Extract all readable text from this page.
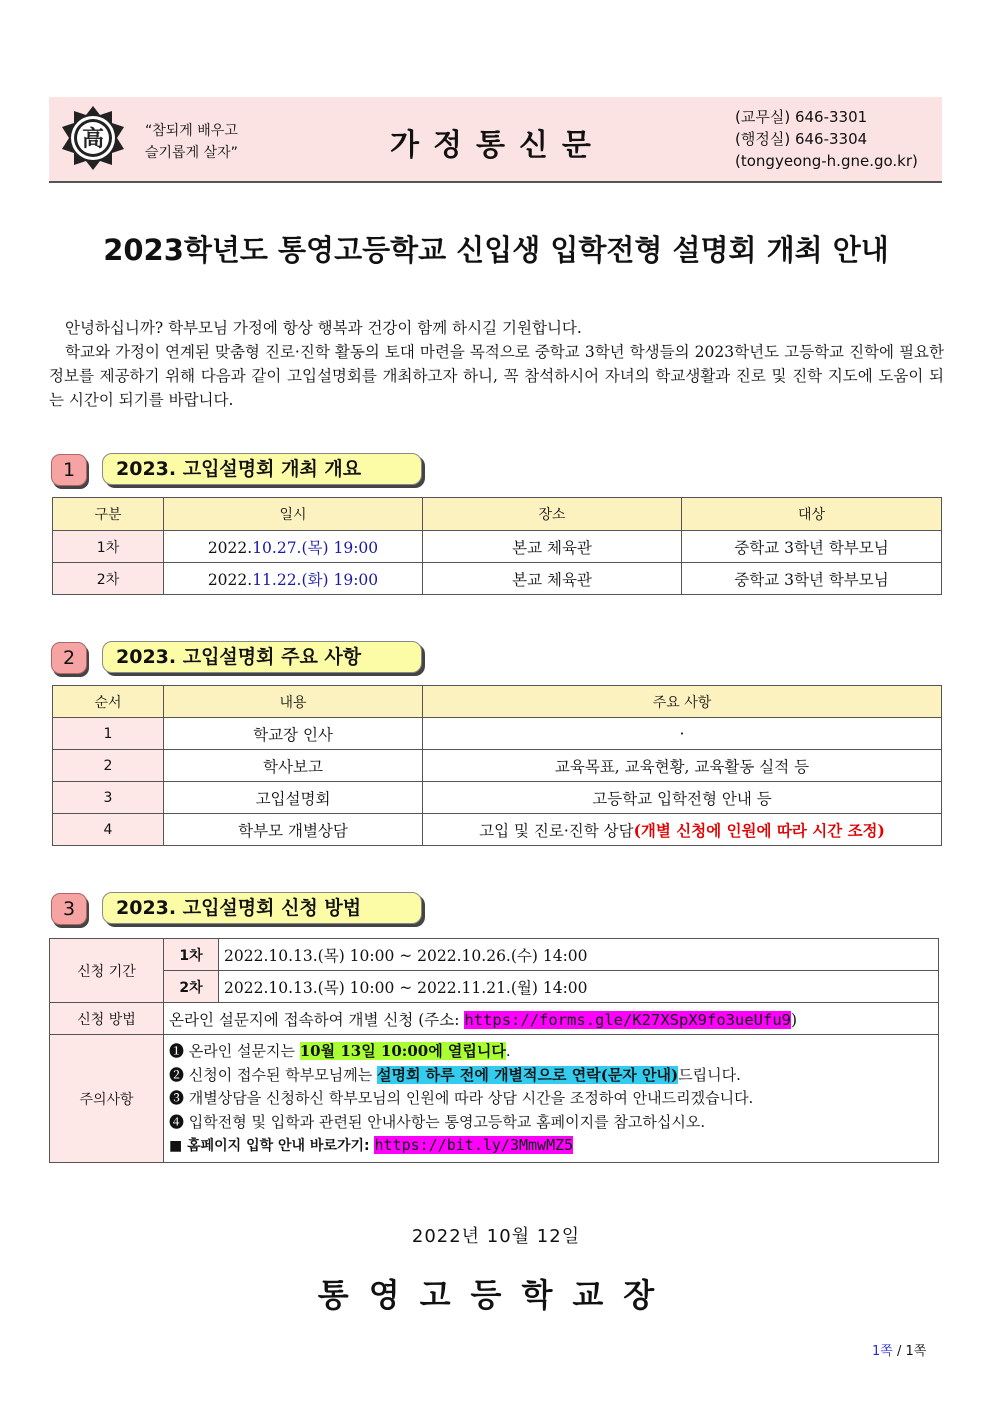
高	“참되게 배우고
슬기롭게 살자”	가정통신문
(교무실) 646-3301
(행정실) 646-3304
(tongyeong-h.gne.go.kr)
2023학년도 통영고등학교 신입생 입학전형 설명회 개최 안내

안녕하십니까? 학부모님 가정에 항상 행복과 건강이 함께 하시길 기원합니다.

학교와 가정이 연계된 맞춤형 진로·진학 활동의 토대 마련을 목적으로 중학교 3학년 학생들의 2023학년도 고등학교 진학에 필요한 정보를 제공하기 위해 다음과 같이 고입설명회를 개최하고자 하니, 꼭 참석하시어 자녀의 학교생활과 진로 및 진학 지도에 도움이 되는 시간이 되기를 바랍니다.

1	2023. 고입설명회 개최 개요
구분	일시	장소	대상
1차	2022.10.27.(목) 19:00	본교 체육관	중학교 3학년 학부모님
2차	2022.11.22.(화) 19:00	본교 체육관	중학교 3학년 학부모님
2	2023. 고입설명회 주요 사항
순서	내용	주요 사항
1	학교장 인사	·
2	학사보고	교육목표, 교육현황, 교육활동 실적 등
3	고입설명회	고등학교 입학전형 안내 등
4	학부모 개별상담	고입 및 진로·진학 상담(개별 신청에 인원에 따라 시간 조정)
3	2023. 고입설명회 신청 방법
신청 기간	1차	2022.10.13.(목) 10:00 ~ 2022.10.26.(수) 14:00
	2차	2022.10.13.(목) 10:00 ~ 2022.11.21.(월) 14:00
신청 방법	온라인 설문지에 접속하여 개별 신청 (주소: https://forms.gle/K27XSpX9fo3ueUfu9)	
주의사항	❶ 온라인 설문지는 10월 13일 10:00에 열립니다.
❷ 신청이 접수된 학부모님께는 설명회 하루 전에 개별적으로 연락(문자 안내)드립니다.
❸ 개별상담을 신청하신 학부모님의 인원에 따라 상담 시간을 조정하여 안내드리겠습니다.
❹ 입학전형 및 입학과 관련된 안내사항는 통영고등학교 홈페이지를 참고하십시오.
■ 홈페이지 입학 안내 바로가기: https://bit.ly/3MmwMZ5	
2022년 10월 12일
통영고등학교장
1쪽 / 1쪽
